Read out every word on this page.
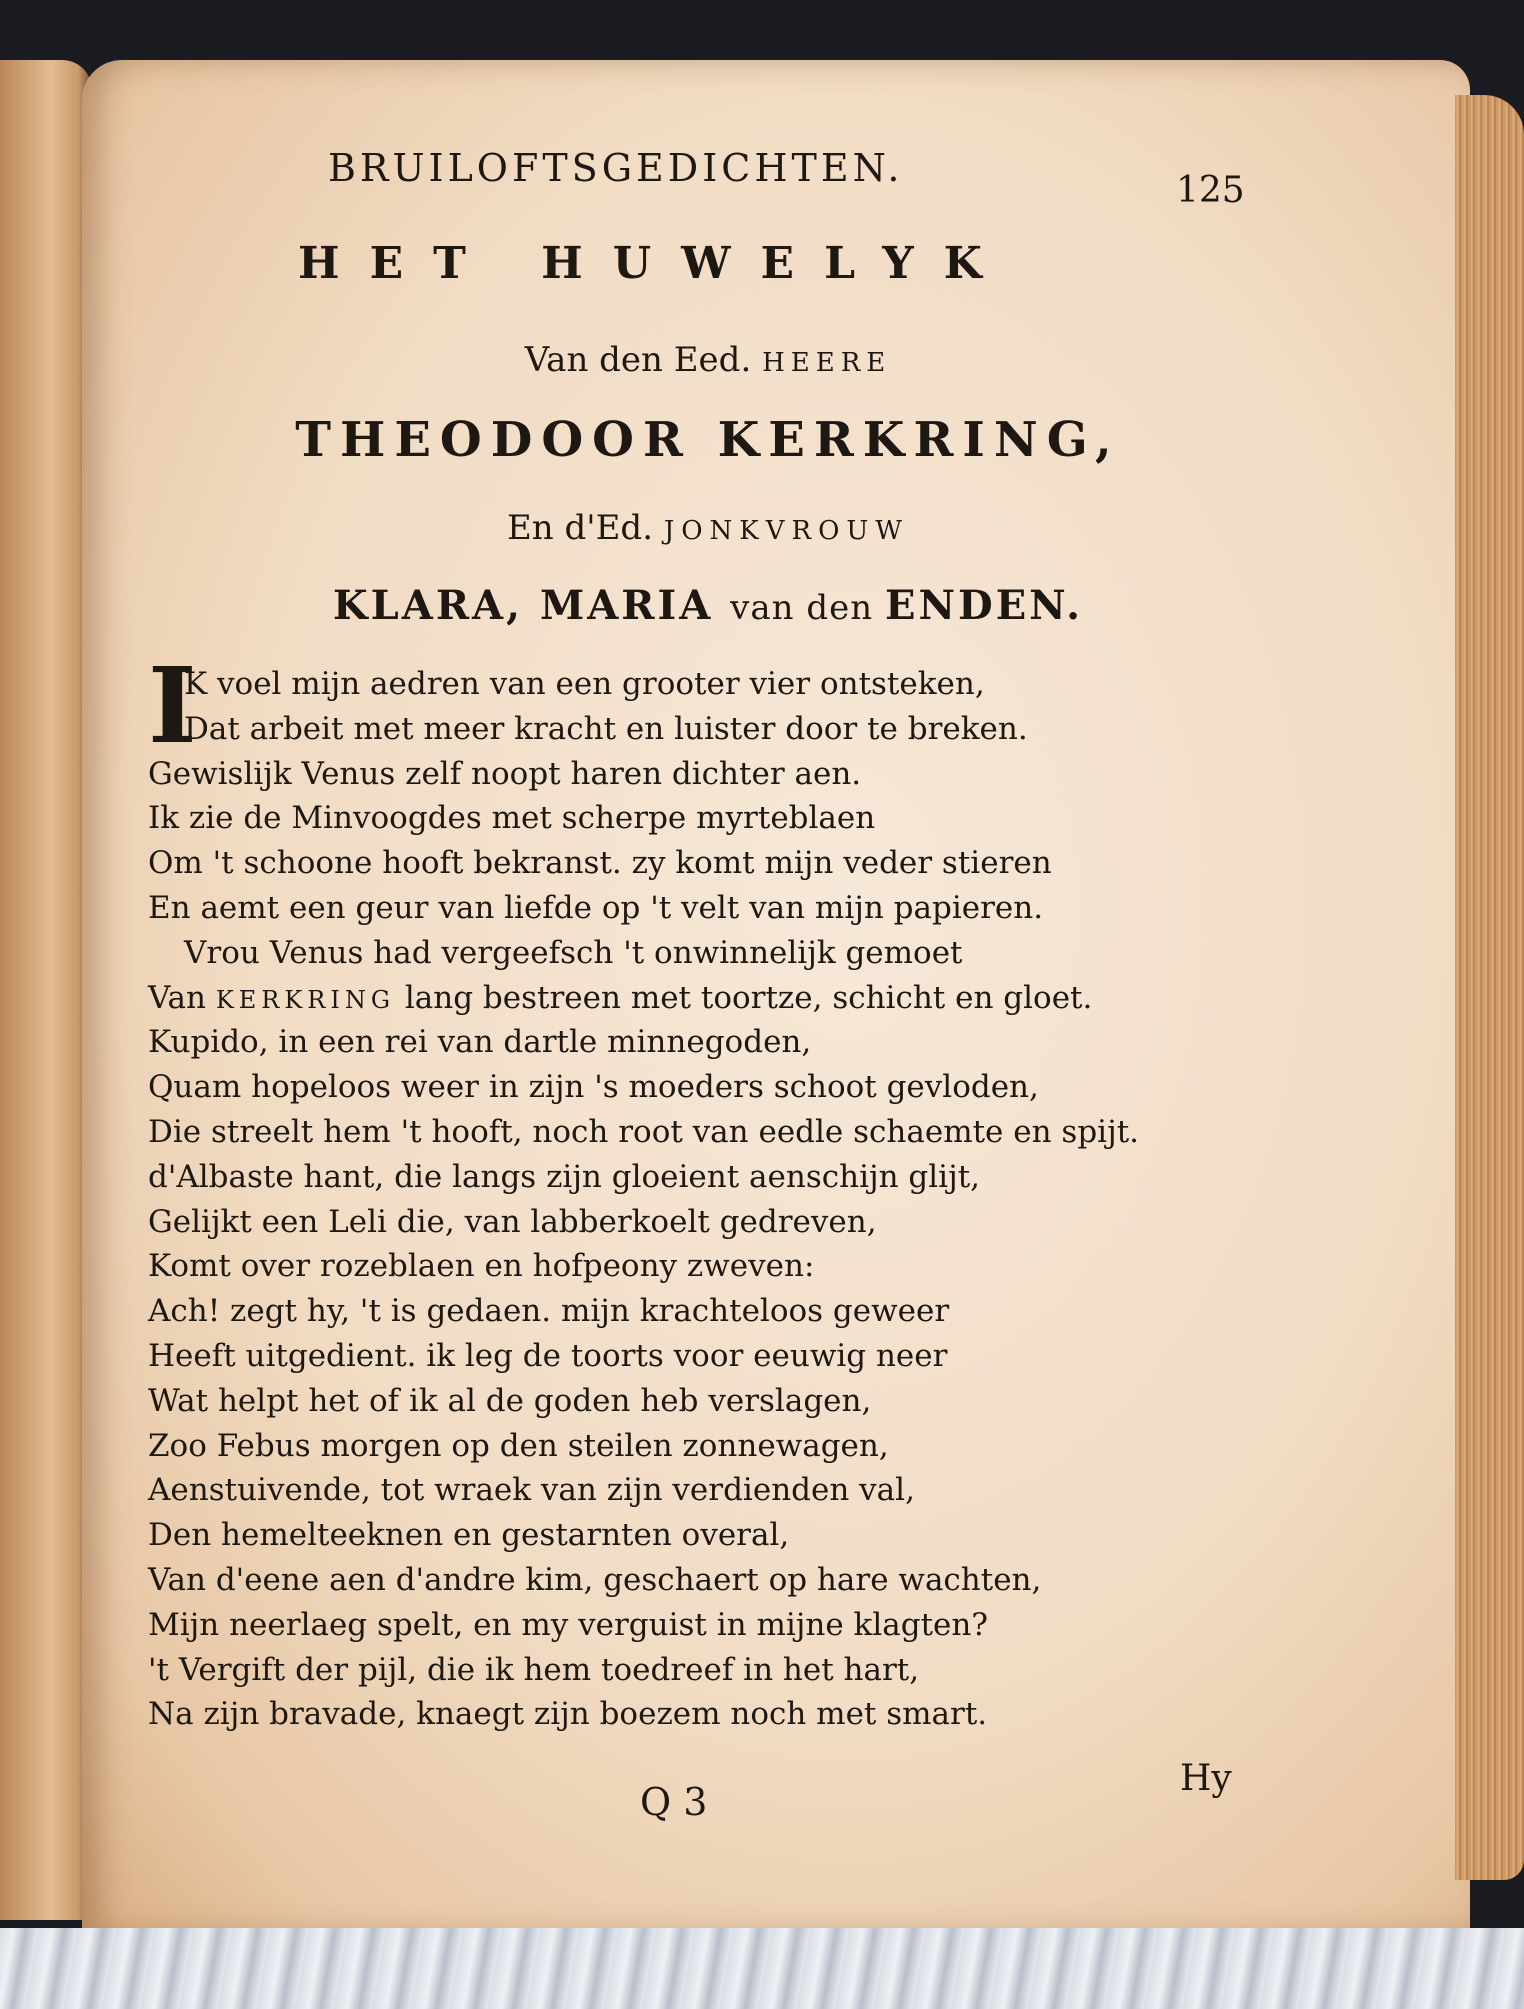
BRUILOFTSGEDICHTEN.
125
HET HUWELYK
Van den Eed. HEERE
THEODOOR KERKRING,
En d'Ed. JONKVROUW
KLARA, MARIA van den ENDEN.
I
K voel mijn aedren van een grooter vier ontsteken,
Dat arbeit met meer kracht en luister door te breken.
Gewislijk Venus zelf noopt haren dichter aen.
Ik zie de Minvoogdes met scherpe myrteblaen
Om 't schoone hooft bekranst. zy komt mijn veder stieren
En aemt een geur van liefde op 't velt van mijn papieren.
Vrou Venus had vergeefsch 't onwinnelijk gemoet
Van KERKRING lang bestreen met toortze, schicht en gloet.
Kupido, in een rei van dartle minnegoden,
Quam hopeloos weer in zijn 's moeders schoot gevloden,
Die streelt hem 't hooft, noch root van eedle schaemte en spijt.
d'Albaste hant, die langs zijn gloeient aenschijn glijt,
Gelijkt een Leli die, van labberkoelt gedreven,
Komt over rozeblaen en hofpeony zweven:
Ach! zegt hy, 't is gedaen. mijn krachteloos geweer
Heeft uitgedient. ik leg de toorts voor eeuwig neer
Wat helpt het of ik al de goden heb verslagen,
Zoo Febus morgen op den steilen zonnewagen,
Aenstuivende, tot wraek van zijn verdienden val,
Den hemelteeknen en gestarnten overal,
Van d'eene aen d'andre kim, geschaert op hare wachten,
Mijn neerlaeg spelt, en my verguist in mijne klagten?
't Vergift der pijl, die ik hem toedreef in het hart,
Na zijn bravade, knaegt zijn boezem noch met smart.
Q 3
Hy
